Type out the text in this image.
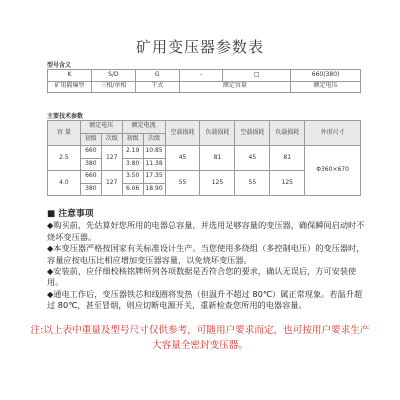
矿用变压器参数表
型号含义
K	S/D	G	-	□	660(380)
矿用隔爆型	三相/单相	干式	额定容量		额定电压
主要技术参数
容 量	额定电压		额定电流		空载损耗	负载损耗	空载损耗	负载损耗	外形尺寸
	初级	次级	初级	次级					
2.5	660	127	2.19	10.85	45	81	45	81	Φ360×670
	380		3.80	11.38					
4.0	660	127	3.50	17.35	55	125	55	125	
	380		6.06	18.90					

■ 注意事项

◆购买前，先估算好您所用的电器总容量，并选用足够容量的变压器，确保瞬间启动时不烧坏变压器。

◆本变压器严格按国家有关标准设计生产。当您使用多绕组（多控制电压）的变压器时，容量应按电压比相应增加变压器容量，以免烧坏变压器。

◆安装前，应仔细校核铭牌所列各项数据是否符合您的要求，确认无误后，方可安装使用。

◆通电工作后，变压器铁芯和线圈将发热（但温升不超过 80℃）属正常现象。若温升超过 80℃，甚至冒烟，则应切断电源开关，重新检查您所用的电器容量。

注:以上表中重量及型号尺寸仅供参考，可随用户要求而定，也可按用户要求生产大容量全密封变压器。
